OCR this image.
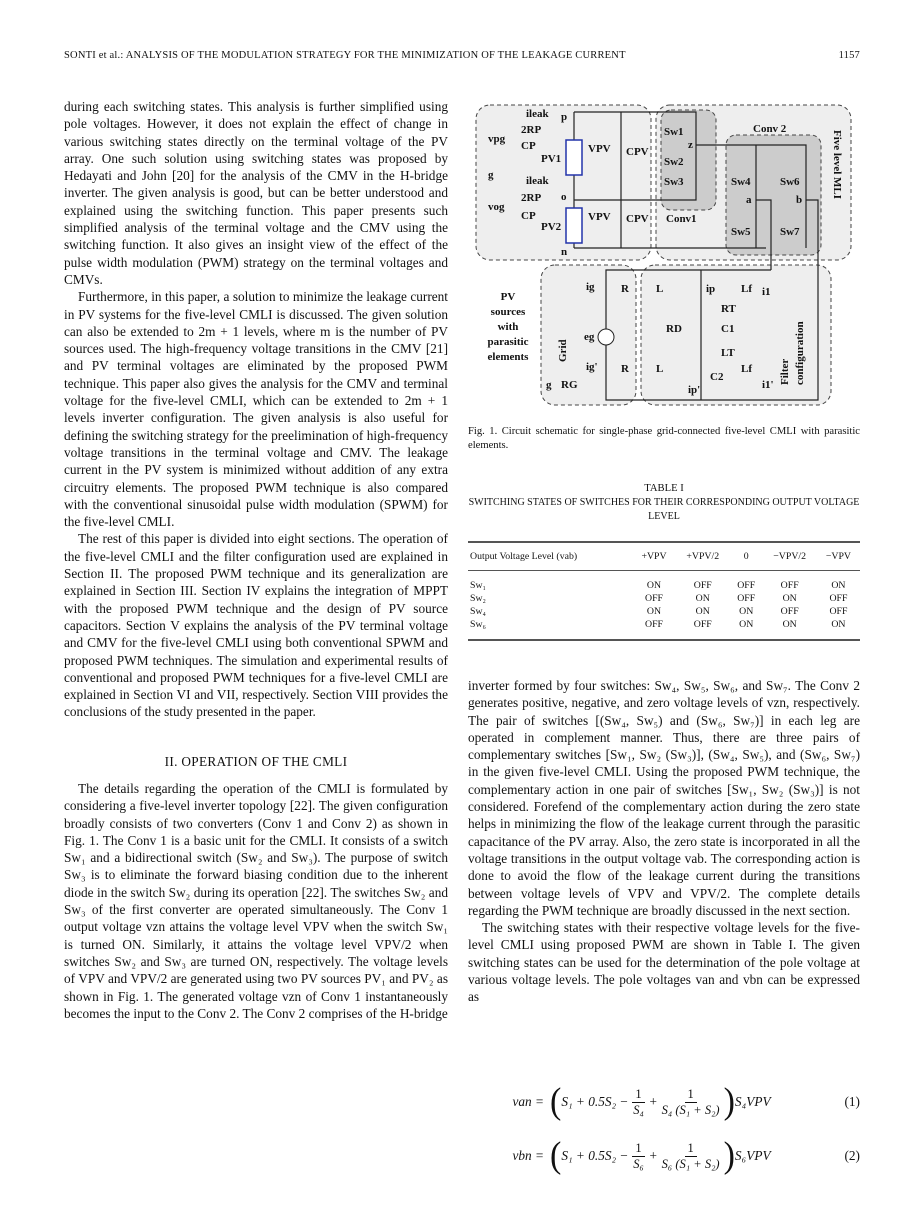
SONTI et al.: ANALYSIS OF THE MODULATION STRATEGY FOR THE MINIMIZATION OF THE LEAKAGE CURRENT	1157

during each switching states. This analysis is further simplified using pole voltages. However, it does not explain the effect of change in various switching states directly on the terminal voltage of the PV array. One such solution using switching states was proposed by Hedayati and John [20] for the analysis of the CMV in the H-bridge inverter. The given analysis is good, but can be better understood and explained using the switching function. This paper presents such simplified analysis of the terminal voltage and the CMV using the switching function. It also gives an insight view of the effect of the pulse width modulation (PWM) strategy on the terminal voltages and CMVs.

Furthermore, in this paper, a solution to minimize the leakage current in PV systems for the five-level CMLI is discussed. The given solution can also be extended to 2m + 1 levels, where m is the number of PV sources used. The high-frequency voltage transitions in the CMV [21] and PV terminal voltages are eliminated by the proposed PWM technique. This paper also gives the analysis for the CMV and terminal voltage for the five-level CMLI, which can be extended to 2m + 1 levels inverter configuration. The given analysis is also useful for defining the switching strategy for the preelimination of high-frequency voltage transitions in the terminal voltage and CMV. The leakage current in the PV system is minimized without addition of any extra circuitry elements. The proposed PWM technique is also compared with the conventional sinusoidal pulse width modulation (SPWM) for the five-level CMLI.

The rest of this paper is divided into eight sections. The operation of the five-level CMLI and the filter configuration used are explained in Section II. The proposed PWM technique and its generalization are explained in Section III. Section IV explains the integration of MPPT with the proposed PWM technique and the design of PV source capacitors. Section V explains the analysis of the PV terminal voltage and CMV for the five-level CMLI using both conventional SPWM and proposed PWM techniques. The simulation and experimental results of conventional and proposed PWM techniques for a five-level CMLI are explained in Section VI and VII, respectively. Section VIII provides the conclusions of the study presented in the paper.

II. OPERATION OF THE CMLI

The details regarding the operation of the CMLI is formulated by considering a five-level inverter topology [22]. The given configuration broadly consists of two converters (Conv 1 and Conv 2) as shown in Fig. 1. The Conv 1 is a basic unit for the CMLI. It consists of a switch Sw₁ and a bidirectional switch (Sw₂ and Sw₃). The purpose of switch Sw₃ is to eliminate the forward biasing condition due to the inherent diode in the switch Sw₂ during its operation [22]. The switches Sw₂ and Sw₃ of the first converter are operated simultaneously. The Conv 1 output voltage vzn attains the voltage level VPV when the switch Sw₁ is turned ON. Similarly, it attains the voltage level VPV/2 when switches Sw₂ and Sw₃ are turned ON, respectively. The voltage levels of VPV and VPV/2 are generated using two PV sources PV₁ and PV₂ as shown in Fig. 1. The generated voltage vzn of Conv 1 instantaneously becomes the input to the Conv 2. The Conv 2 comprises of the H-bridge

vpg
vog
2RP
2RP
CP
CP
ileak
ileak
p
o
n
g
PV1
PV2
VPV
VPV
CPV
CPV
Sw1
Sw2
Sw3
z
Sw4
Sw5
Sw6
Sw7
a	b
Conv1
Conv 2
Five level MLI
PV
sources
with
parasitic
elements	Grid
Filter configuration
ig
ig'
eg
R
R
L
L
Lf
Lf
ip
ip'
i1
i1'
RT
RD	C1
LT
C2
g RG
Fig. 1. Circuit schematic for single-phase grid-connected five-level CMLI with parasitic elements.
TABLE I
SWITCHING STATES OF SWITCHES FOR THEIR CORRESPONDING OUTPUT VOLTAGE LEVEL
Output Voltage Level (vab)	+VPV	+VPV/2	0	−VPV/2	−VPV
Sw₁	ON	OFF	OFF	OFF	ON
Sw₂	OFF	ON	OFF	ON	OFF
Sw₄	ON	ON	ON	OFF	OFF
Sw₆	OFF	OFF	ON	ON	ON

inverter formed by four switches: Sw₄, Sw₅, Sw₆, and Sw₇. The Conv 2 generates positive, negative, and zero voltage levels of vzn, respectively. The pair of switches [(Sw₄, Sw₅) and (Sw₆, Sw₇)] in each leg are operated in complement manner. Thus, there are three pairs of complementary switches [Sw₁, Sw₂ (Sw₃)], (Sw₄, Sw₅), and (Sw₆, Sw₇) in the given five-level CMLI. Using the proposed PWM technique, the complementary action in one pair of switches [Sw₁, Sw₂ (Sw₃)] is not considered. Forefend of the complementary action during the zero state helps in minimizing the flow of the leakage current through the parasitic capacitance of the PV array. Also, the zero state is incorporated in all the voltage transitions in the output voltage vab. The corresponding action is done to avoid the flow of the leakage current during the transitions between voltage levels of VPV and VPV/2. The complete details regarding the PWM technique are broadly discussed in the next section.

The switching states with their respective voltage levels for the five-level CMLI using proposed PWM are shown in Table I. The given switching states can be used for the determination of the pole voltage at various voltage levels. The pole voltages van and vbn can be expressed as

van = ( $S_1 + 0.5S_2 - \frac{1}{\text{S₄}} + \frac{1}{\text{S₄ (S₁ + S₂)}}$ ) S₄VPV	(1)
vbn = ( $S_1 + 0.5S_2 - \frac{1}{\text{S₆}} + \frac{1}{\text{S₆ (S₁ + S₂)}}$ ) S₆VPV	(2)
